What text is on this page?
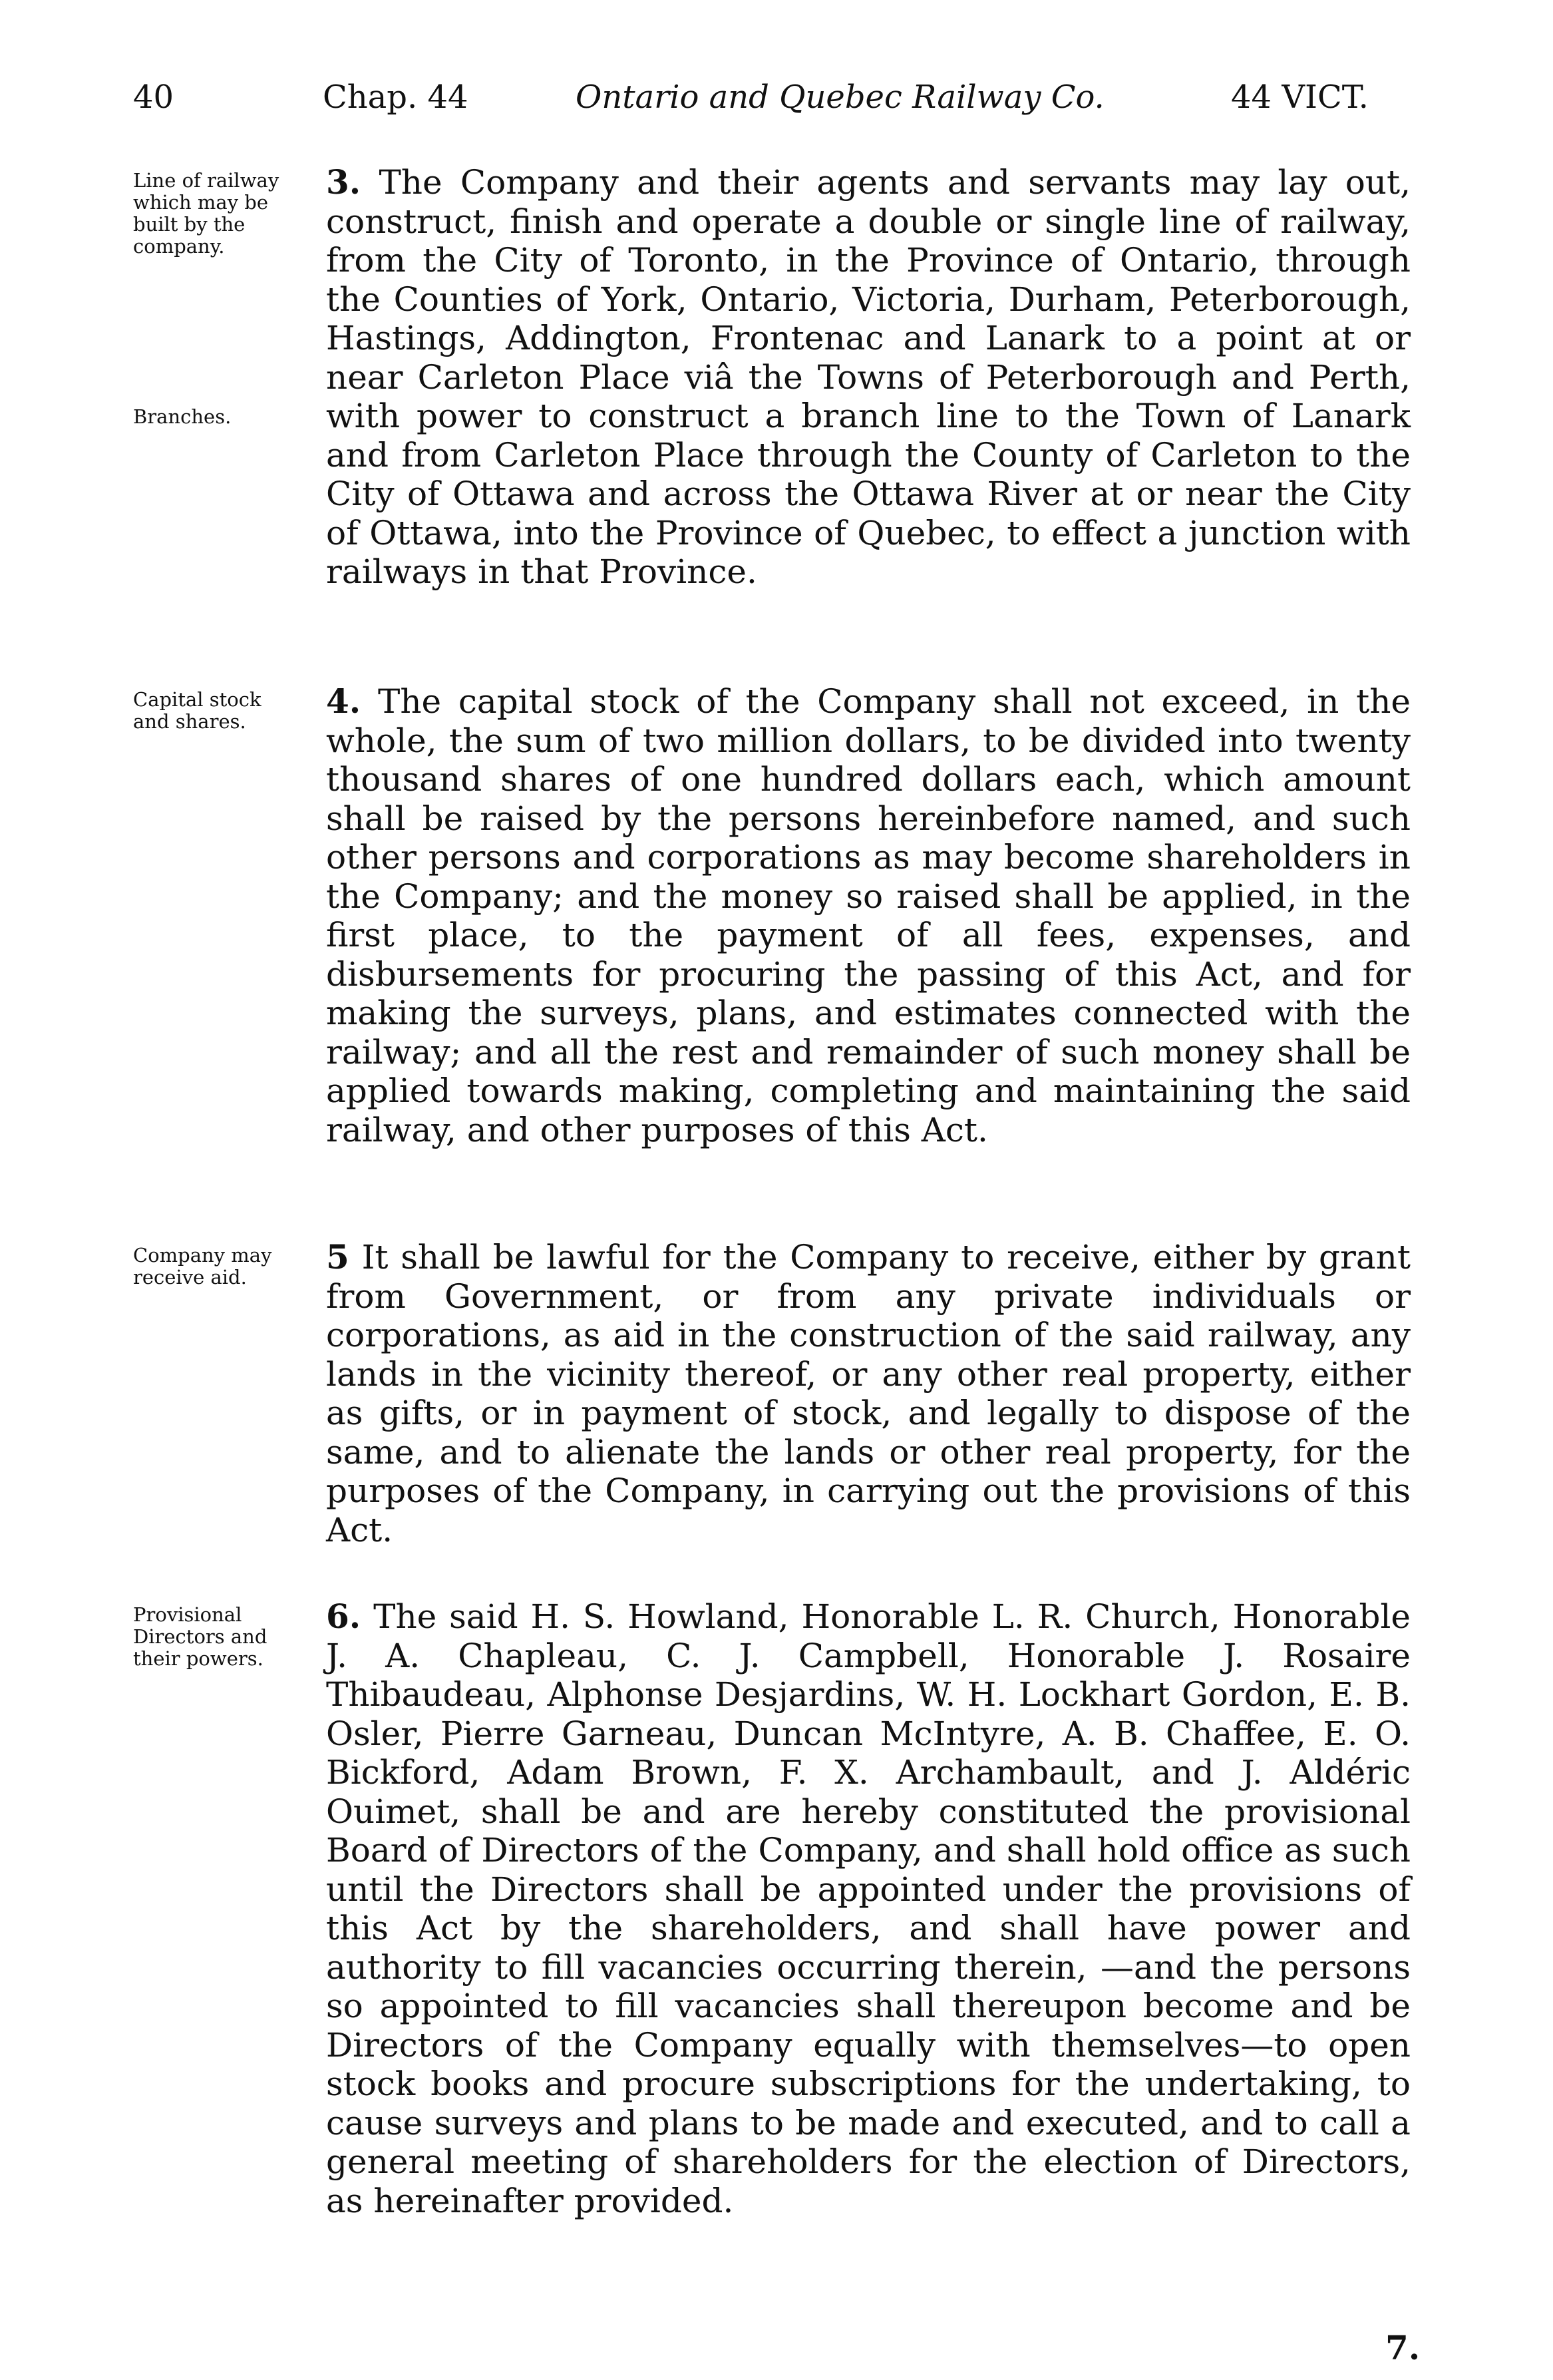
40	Chap. 44	Ontario and Quebec Railway Co.	44 VICT.
Line of railway which may be built by the company.
Branches.

3. The Company and their agents and servants may lay out, construct, finish and operate a double or single line of railway, from the City of Toronto, in the Province of Ontario, through the Counties of York, Ontario, Victoria, Durham, Peterborough, Hastings, Addington, Frontenac and Lanark to a point at or near Carleton Place viâ the Towns of Peterborough and Perth, with power to construct a branch line to the Town of Lanark and from Carleton Place through the County of Carleton to the City of Ottawa and across the Ottawa River at or near the City of Ottawa, into the Province of Quebec, to effect a junction with railways in that Province.

Capital stock and shares.

4. The capital stock of the Company shall not exceed, in the whole, the sum of two million dollars, to be divided into twenty thousand shares of one hundred dollars each, which amount shall be raised by the persons hereinbefore named, and such other persons and corporations as may become shareholders in the Company; and the money so raised shall be applied, in the first place, to the payment of all fees, expenses, and disbursements for procuring the passing of this Act, and for making the surveys, plans, and estimates connected with the railway; and all the rest and remainder of such money shall be applied towards making, completing and maintaining the said railway, and other purposes of this Act.

Company may receive aid.

5 It shall be lawful for the Company to receive, either by grant from Government, or from any private individuals or corporations, as aid in the construction of the said railway, any lands in the vicinity thereof, or any other real property, either as gifts, or in payment of stock, and legally to dispose of the same, and to alienate the lands or other real property, for the purposes of the Company, in carrying out the provisions of this Act.

Provisional Directors and their powers.

6. The said H. S. Howland, Honorable L. R. Church, Honorable J. A. Chapleau, C. J. Campbell, Honorable J. Rosaire Thibaudeau, Alphonse Desjardins, W. H. Lockhart Gordon, E. B. Osler, Pierre Garneau, Duncan McIntyre, A. B. Chaffee, E. O. Bickford, Adam Brown, F. X. Archambault, and J. Aldéric Ouimet, shall be and are hereby constituted the provisional Board of Directors of the Company, and shall hold office as such until the Directors shall be appointed under the provisions of this Act by the shareholders, and shall have power and authority to fill vacancies occurring therein, —and the persons so appointed to fill vacancies shall thereupon become and be Directors of the Company equally with themselves—to open stock books and procure subscriptions for the undertaking, to cause surveys and plans to be made and executed, and to call a general meeting of shareholders for the election of Directors, as hereinafter provided.

7.
